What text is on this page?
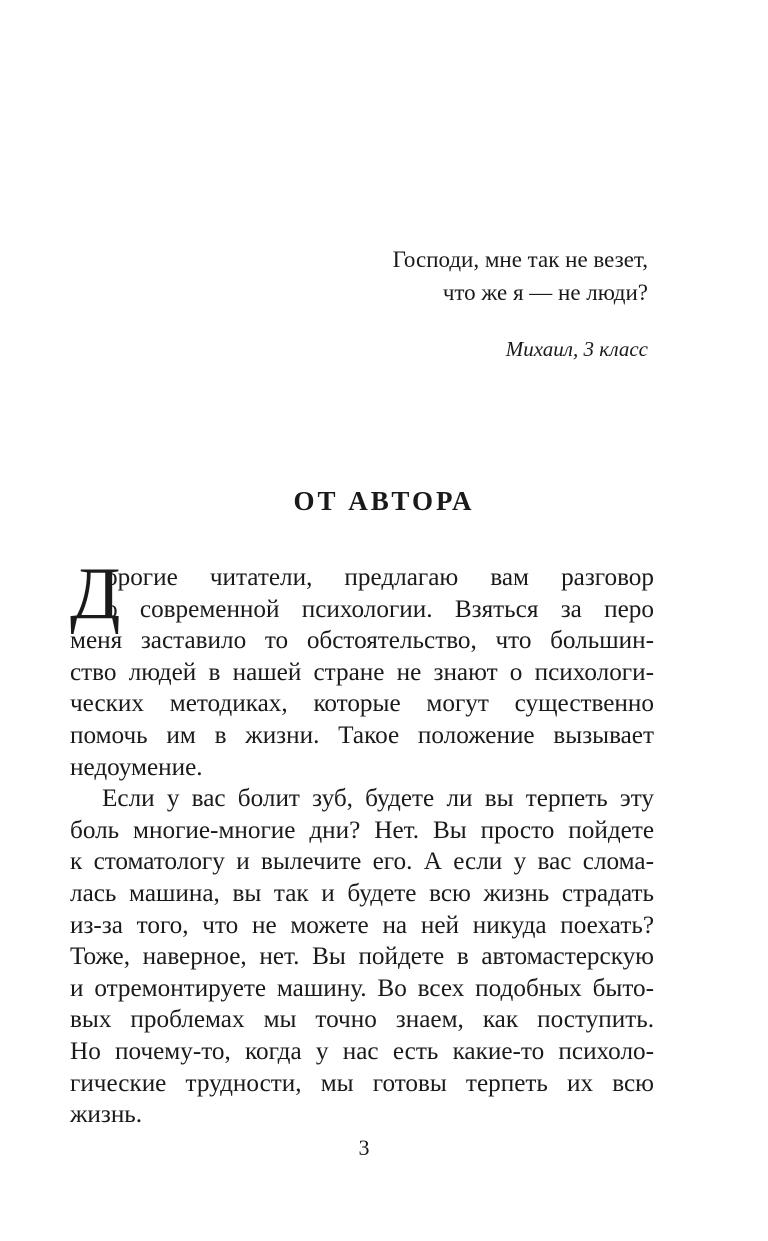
Господи, мне так не везет,
что же я — не люди?
Михаил, 3 класс
ОТ АВТОРА

Д
орогие читатели, предлагаю вам разговор
о современной психологии. Взяться за перо
меня заставило то обстоятельство, что большин-
ство людей в нашей стране не знают о психологи-
ческих методиках, которые могут существенно
помочь им в жизни. Такое положение вызывает
недоумение.

Если у вас болит зуб, будете ли вы терпеть эту
боль многие-многие дни? Нет. Вы просто пойдете
к стоматологу и вылечите его. А если у вас слома-
лась машина, вы так и будете всю жизнь страдать
из-за того, что не можете на ней никуда поехать?
Тоже, наверное, нет. Вы пойдете в автомастерскую
и отремонтируете машину. Во всех подобных быто-
вых проблемах мы точно знаем, как поступить.
Но почему-то, когда у нас есть какие-то психоло-
гические трудности, мы готовы терпеть их всю
жизнь.

3
